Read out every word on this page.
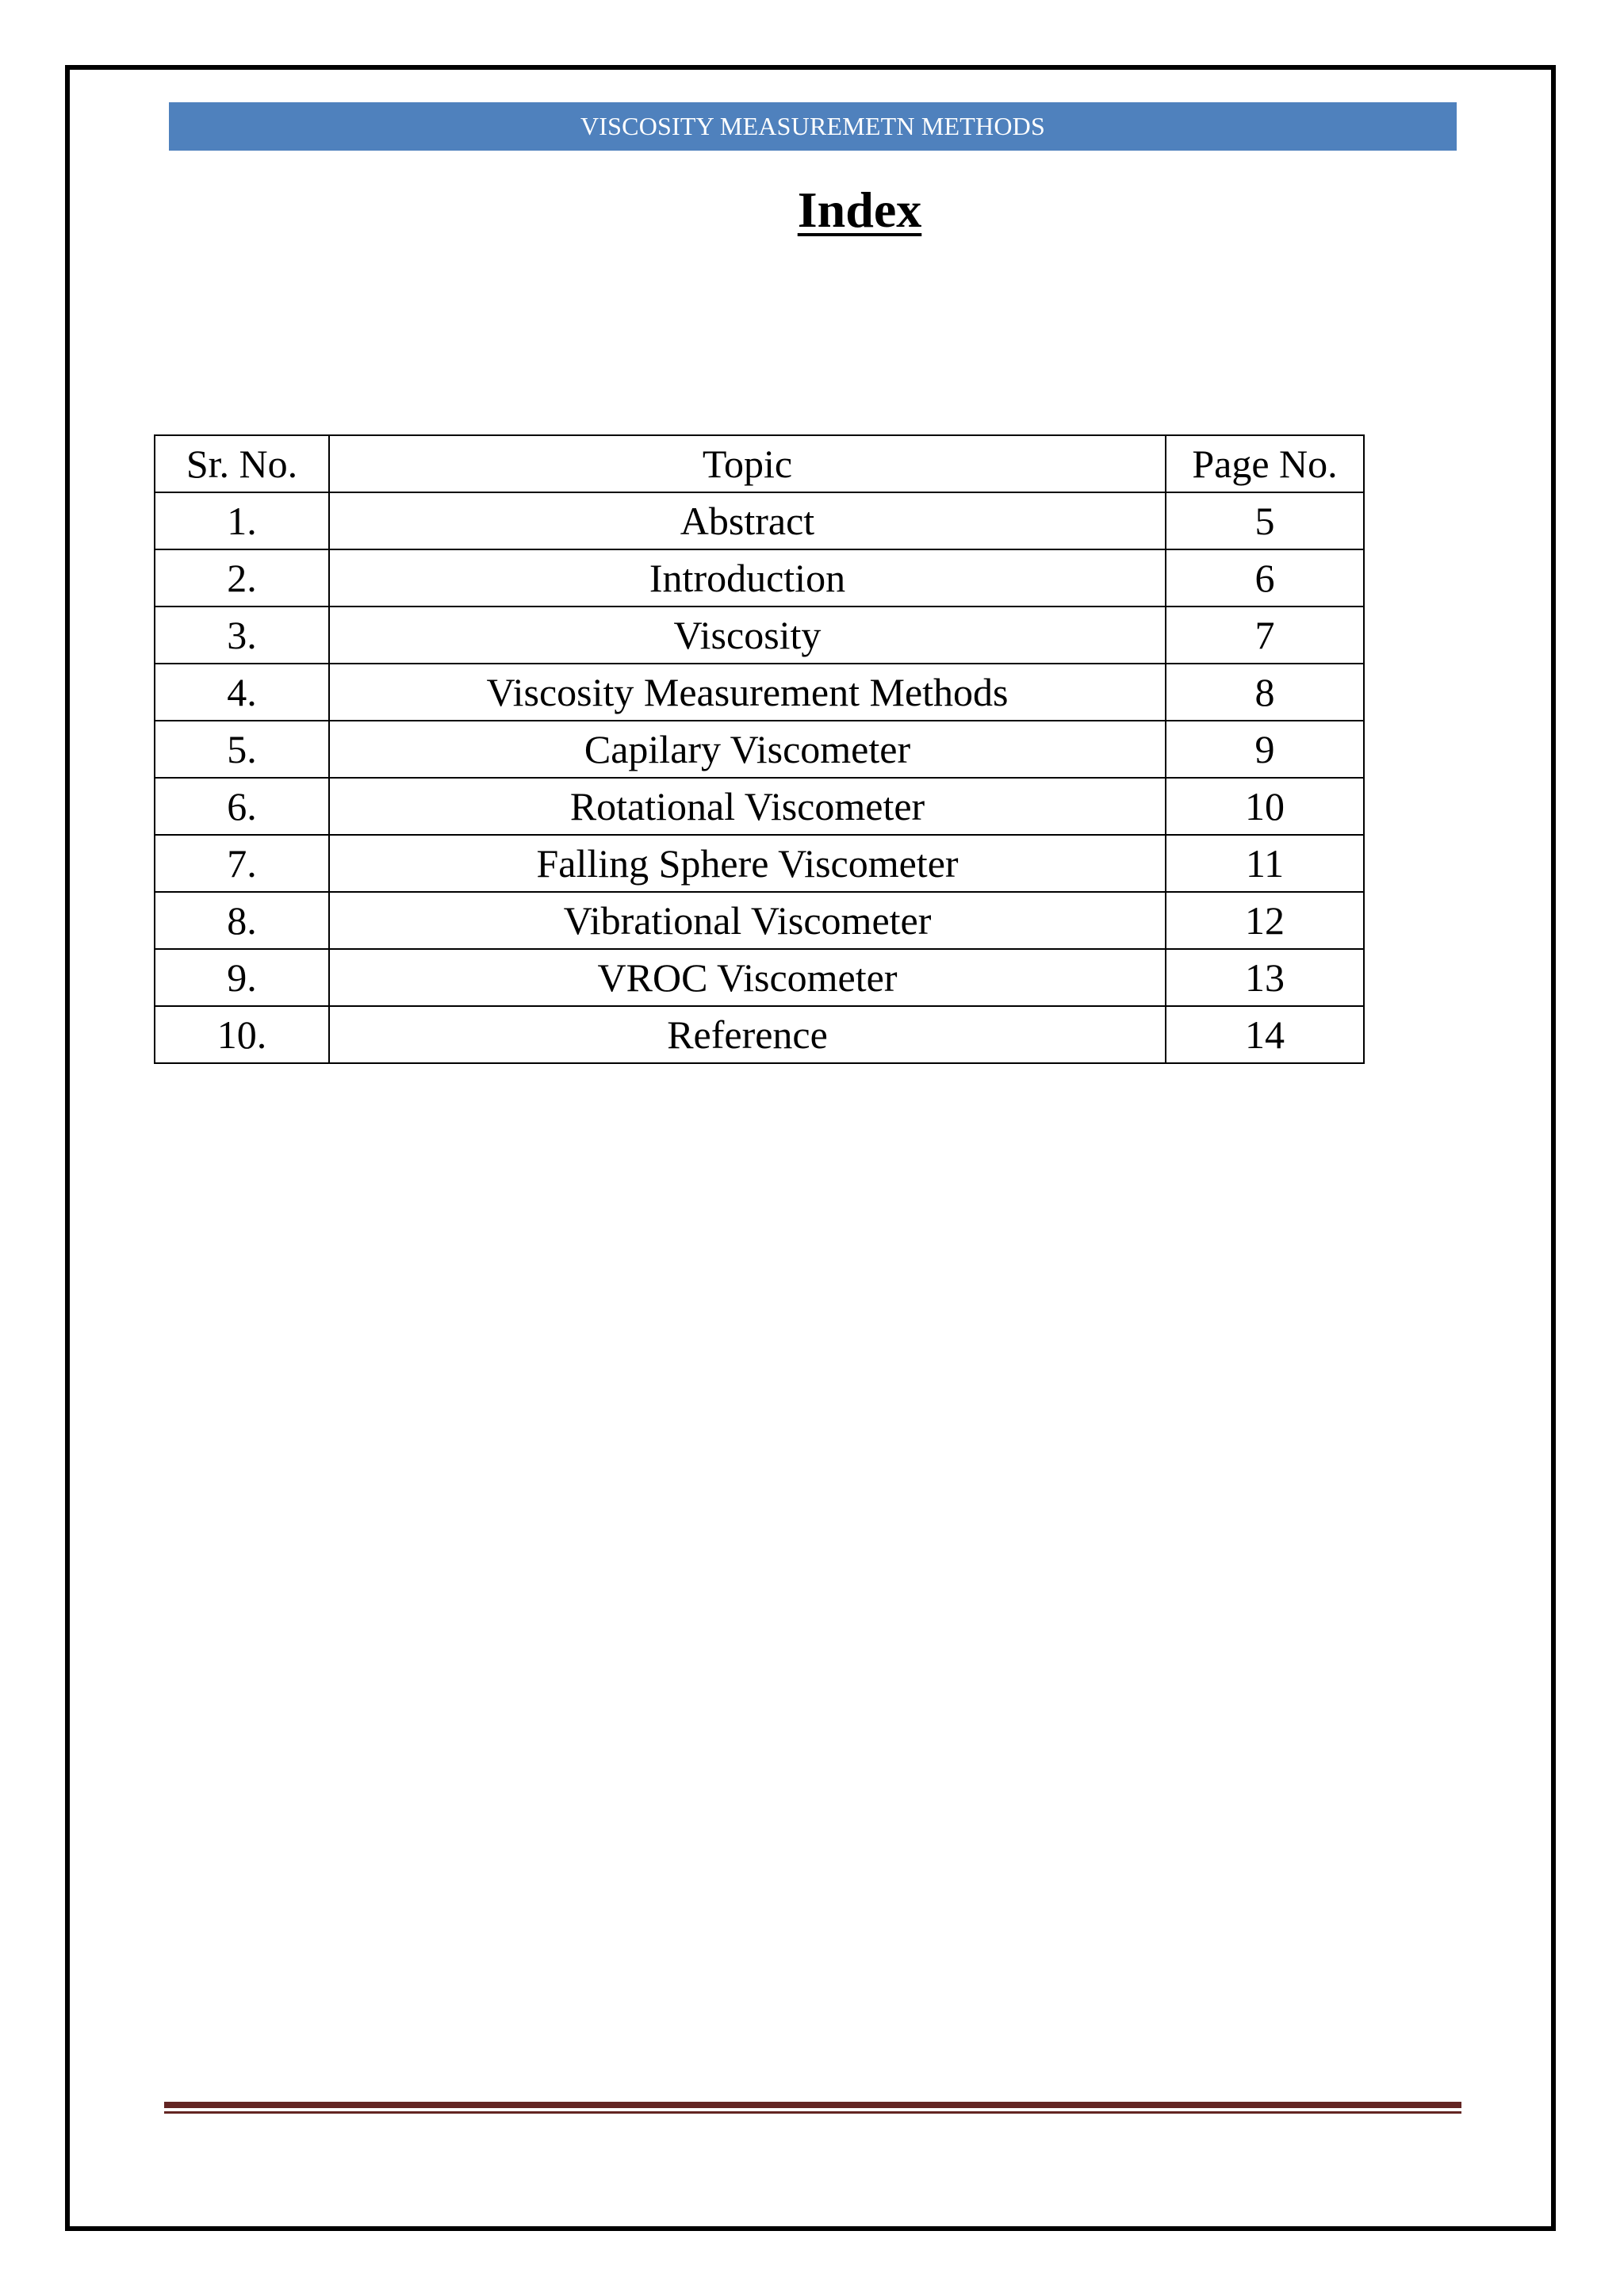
VISCOSITY MEASUREMETN METHODS
Index
Sr. No.	Topic	Page No.
1.	Abstract	5
2.	Introduction	6
3.	Viscosity	7
4.	Viscosity Measurement Methods	8
5.	Capilary Viscometer	9
6.	Rotational Viscometer	10
7.	Falling Sphere Viscometer	11
8.	Vibrational Viscometer	12
9.	VROC Viscometer	13
10.	Reference	14
